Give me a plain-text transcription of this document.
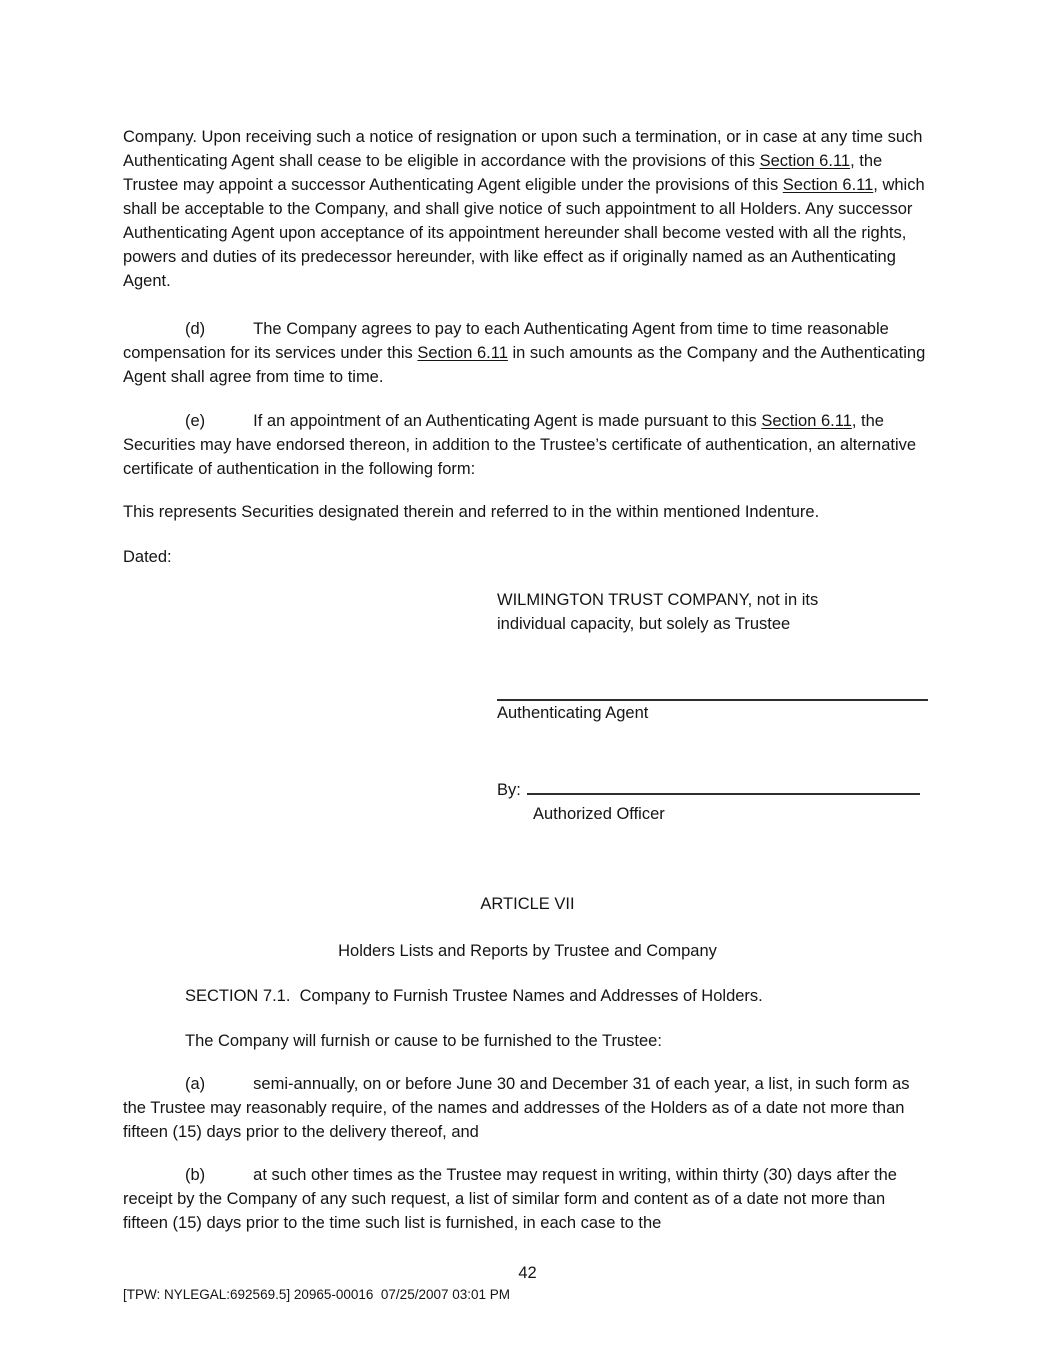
Company. Upon receiving such a notice of resignation or upon such a termination, or in case at any time such Authenticating Agent shall cease to be eligible in accordance with the provisions of this Section 6.11, the Trustee may appoint a successor Authenticating Agent eligible under the provisions of this Section 6.11, which shall be acceptable to the Company, and shall give notice of such appointment to all Holders. Any successor Authenticating Agent upon acceptance of its appointment hereunder shall become vested with all the rights, powers and duties of its predecessor hereunder, with like effect as if originally named as an Authenticating Agent.

(d)	The Company agrees to pay to each Authenticating Agent from time to time reasonable compensation for its services under this Section 6.11 in such amounts as the Company and the Authenticating Agent shall agree from time to time.

(e)	If an appointment of an Authenticating Agent is made pursuant to this Section 6.11, the Securities may have endorsed thereon, in addition to the Trustee’s certificate of authentication, an alternative certificate of authentication in the following form:

This represents Securities designated therein and referred to in the within mentioned Indenture.

Dated:

WILMINGTON TRUST COMPANY, not in its

individual capacity, but solely as Trustee

Authenticating Agent

By:

Authorized Officer

ARTICLE VII

Holders Lists and Reports by Trustee and Company

SECTION 7.1.  Company to Furnish Trustee Names and Addresses of Holders.

The Company will furnish or cause to be furnished to the Trustee:

(a)	semi-annually, on or before June 30 and December 31 of each year, a list, in such form as the Trustee may reasonably require, of the names and addresses of the Holders as of a date not more than fifteen (15) days prior to the delivery thereof, and

(b)	at such other times as the Trustee may request in writing, within thirty (30) days after the receipt by the Company of any such request, a list of similar form and content as of a date not more than fifteen (15) days prior to the time such list is furnished, in each case to the

42
[TPW: NYLEGAL:692569.5] 20965-00016  07/25/2007 03:01 PM
